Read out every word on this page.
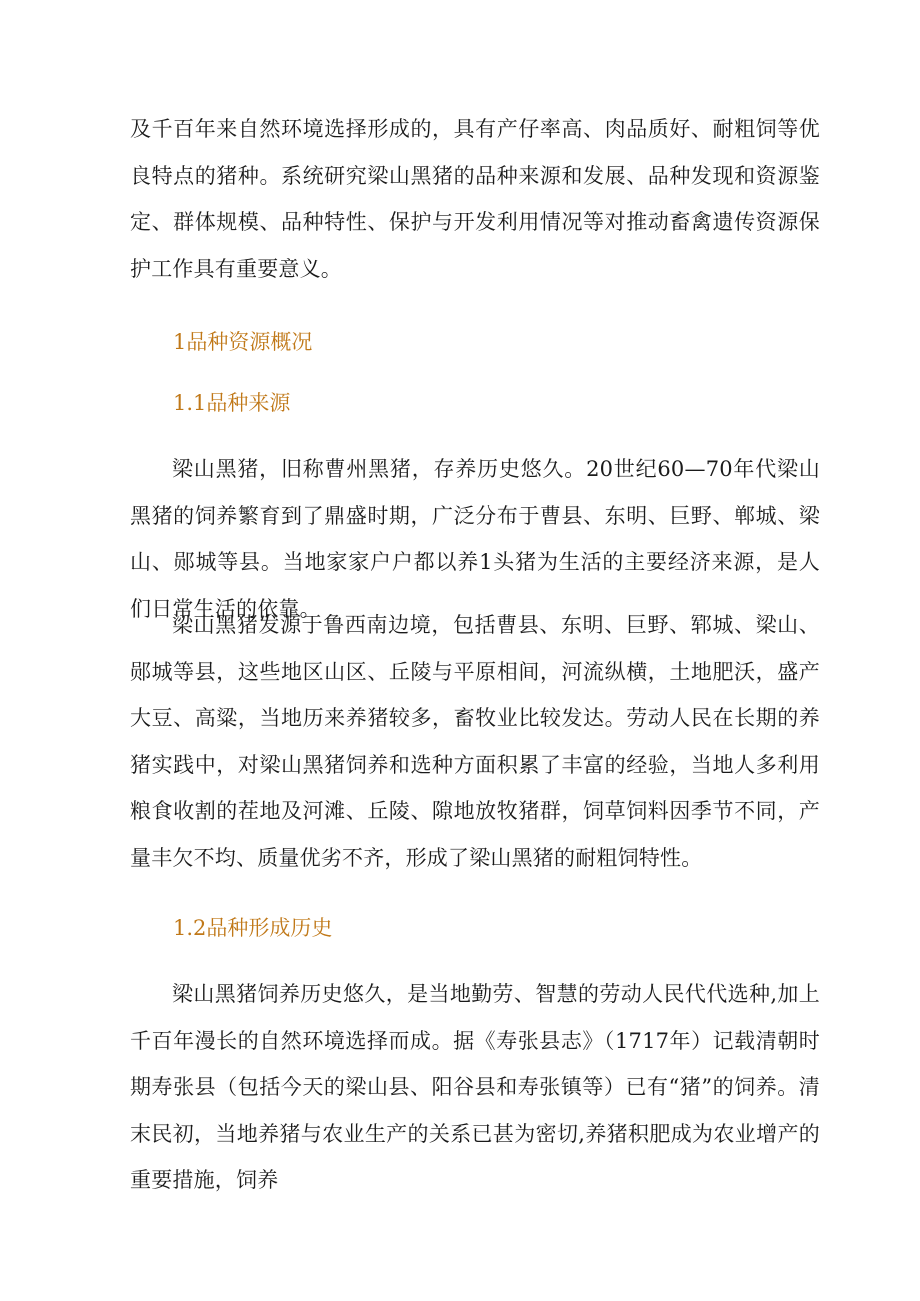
及千百年来自然环境选择形成的，具有产仔率高、肉品质好、耐粗饲等优良特点的猪种。系统研究梁山黑猪的品种来源和发展、品种发现和资源鉴定、群体规模、品种特性、保护与开发利用情况等对推动畜禽遗传资源保护工作具有重要意义。

1品种资源概况
1.1品种来源

梁山黑猪，旧称曹州黑猪，存养历史悠久。20世纪60—70年代梁山黑猪的饲养繁育到了鼎盛时期，广泛分布于曹县、东明、巨野、郸城、梁山、郧城等县。当地家家户户都以养1头猪为生活的主要经济来源，是人们日常生活的依靠。

梁山黑猪发源于鲁西南边境，包括曹县、东明、巨野、郓城、梁山、郧城等县，这些地区山区、丘陵与平原相间，河流纵横，土地肥沃，盛产大豆、高粱，当地历来养猪较多，畜牧业比较发达。劳动人民在长期的养猪实践中，对梁山黑猪饲养和选种方面积累了丰富的经验，当地人多利用粮食收割的茬地及河滩、丘陵、隙地放牧猪群，饲草饲料因季节不同，产量丰欠不均、质量优劣不齐，形成了梁山黑猪的耐粗饲特性。

1.2品种形成历史

梁山黑猪饲养历史悠久，是当地勤劳、智慧的劳动人民代代选种,加上千百年漫长的自然环境选择而成。据《寿张县志》（1717年）记载清朝时期寿张县（包括今天的梁山县、阳谷县和寿张镇等）已有“猪”的饲养。清末民初，当地养猪与农业生产的关系已甚为密切,养猪积肥成为农业增产的重要措施，饲养
